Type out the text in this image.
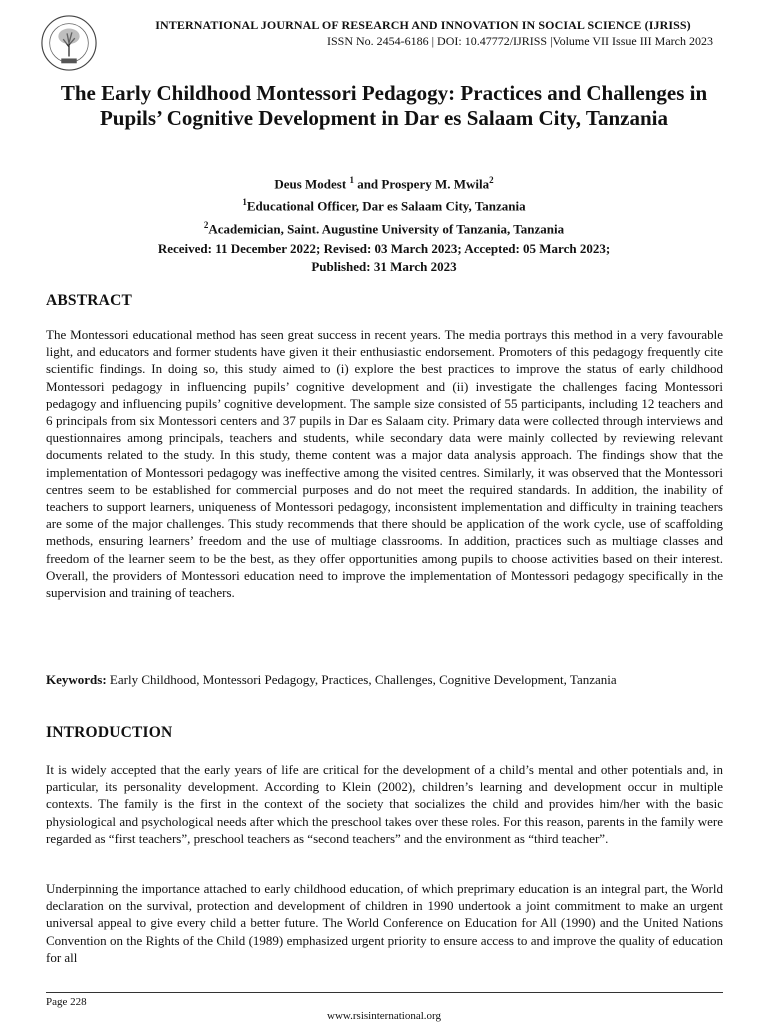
INTERNATIONAL JOURNAL OF RESEARCH AND INNOVATION IN SOCIAL SCIENCE (IJRISS)
ISSN No. 2454-6186 | DOI: 10.47772/IJRISS |Volume VII Issue III March 2023
The Early Childhood Montessori Pedagogy: Practices and Challenges in Pupils’ Cognitive Development in Dar es Salaam City, Tanzania
Deus Modest $^1$ and Prospery M. Mwila$^2$
$^1$Educational Officer, Dar es Salaam City, Tanzania
$^2$Academician, Saint. Augustine University of Tanzania, Tanzania
Received: 11 December 2022; Revised: 03 March 2023; Accepted: 05 March 2023;
Published: 31 March 2023
ABSTRACT

The Montessori educational method has seen great success in recent years. The media portrays this method in a very favourable light, and educators and former students have given it their enthusiastic endorsement. Promoters of this pedagogy frequently cite scientific findings. In doing so, this study aimed to (i) explore the best practices to improve the status of early childhood Montessori pedagogy in influencing pupils’ cognitive development and (ii) investigate the challenges facing Montessori pedagogy and influencing pupils’ cognitive development. The sample size consisted of 55 participants, including 12 teachers and 6 principals from six Montessori centers and 37 pupils in Dar es Salaam city. Primary data were collected through interviews and questionnaires among principals, teachers and students, while secondary data were mainly collected by reviewing relevant documents related to the study. In this study, theme content was a major data analysis approach. The findings show that the implementation of Montessori pedagogy was ineffective among the visited centres. Similarly, it was observed that the Montessori centres seem to be established for commercial purposes and do not meet the required standards. In addition, the inability of teachers to support learners, uniqueness of Montessori pedagogy, inconsistent implementation and difficulty in training teachers are some of the major challenges. This study recommends that there should be application of the work cycle, use of scaffolding methods, ensuring learners’ freedom and the use of multiage classrooms. In addition, practices such as multiage classes and freedom of the learner seem to be the best, as they offer opportunities among pupils to choose activities based on their interest. Overall, the providers of Montessori education need to improve the implementation of Montessori pedagogy specifically in the supervision and training of teachers.

Keywords: Early Childhood, Montessori Pedagogy, Practices, Challenges, Cognitive Development, Tanzania

INTRODUCTION

It is widely accepted that the early years of life are critical for the development of a child’s mental and other potentials and, in particular, its personality development. According to Klein (2002), children’s learning and development occur in multiple contexts. The family is the first in the context of the society that socializes the child and provides him/her with the basic physiological and psychological needs after which the preschool takes over these roles. For this reason, parents in the family were regarded as “first teachers”, preschool teachers as “second teachers” and the environment as “third teacher”.

Underpinning the importance attached to early childhood education, of which preprimary education is an integral part, the World declaration on the survival, protection and development of children in 1990 undertook a joint commitment to make an urgent universal appeal to give every child a better future. The World Conference on Education for All (1990) and the United Nations Convention on the Rights of the Child (1989) emphasized urgent priority to ensure access to and improve the quality of education for all

Page 228
www.rsisinternational.org
